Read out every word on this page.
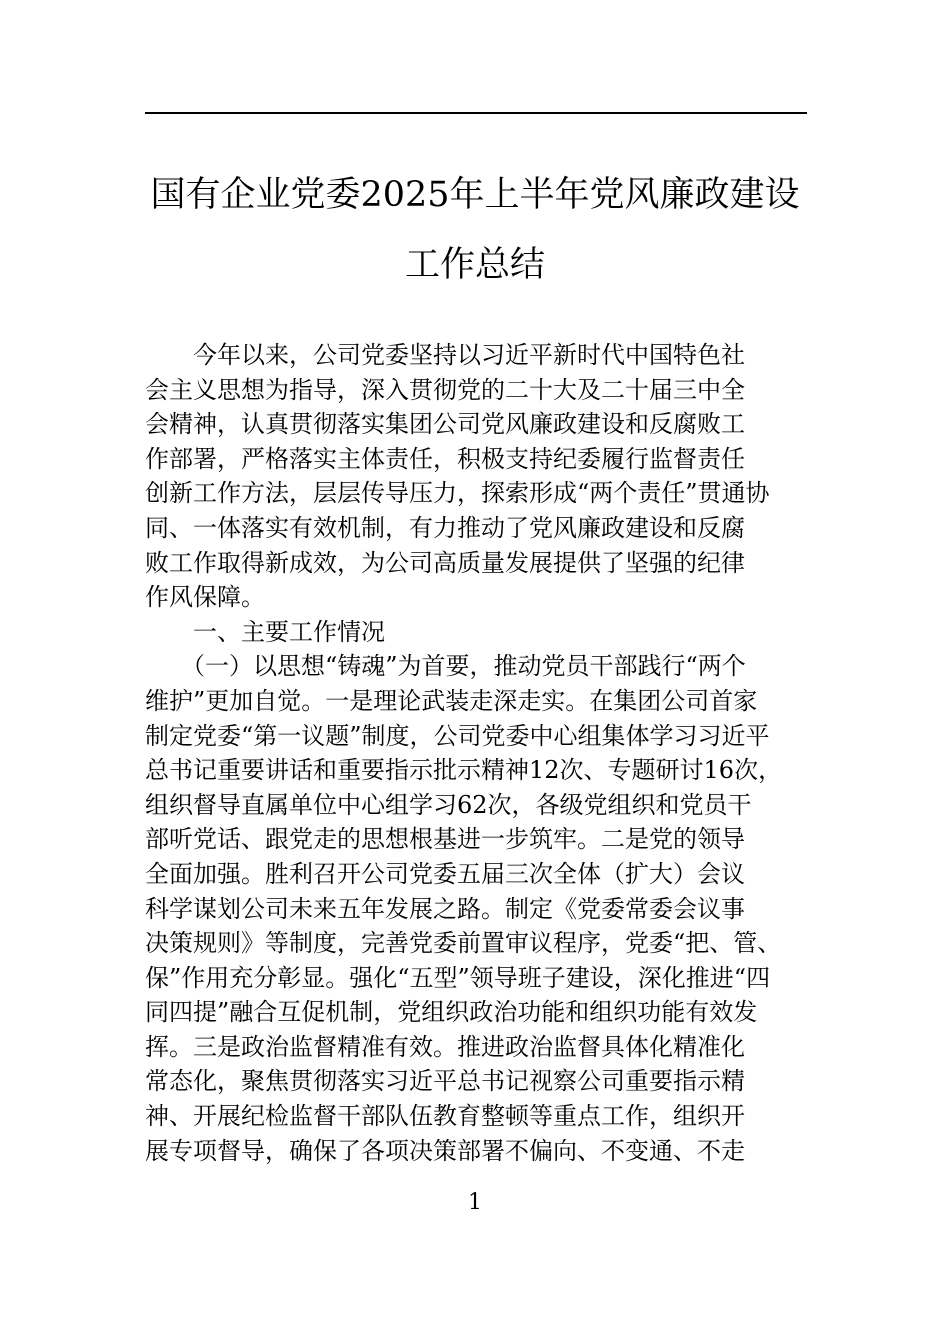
国有企业党委2025年上半年党风廉政建设
工作总结
　　今年以来，公司党委坚持以习近平新时代中国特色社
会主义思想为指导，深入贯彻党的二十大及二十届三中全
会精神，认真贯彻落实集团公司党风廉政建设和反腐败工
作部署，严格落实主体责任，积极支持纪委履行监督责任
创新工作方法，层层传导压力，探索形成“两个责任”贯通协
同、一体落实有效机制，有力推动了党风廉政建设和反腐
败工作取得新成效，为公司高质量发展提供了坚强的纪律
作风保障。
　　一、主要工作情况
　　（一）以思想“铸魂”为首要，推动党员干部践行“两个
维护”更加自觉。一是理论武装走深走实。在集团公司首家
制定党委“第一议题”制度，公司党委中心组集体学习习近平
总书记重要讲话和重要指示批示精神12次、专题研讨16次，
组织督导直属单位中心组学习62次，各级党组织和党员干
部听党话、跟党走的思想根基进一步筑牢。二是党的领导
全面加强。胜利召开公司党委五届三次全体（扩大）会议
科学谋划公司未来五年发展之路。制定《党委常委会议事
决策规则》等制度，完善党委前置审议程序，党委“把、管、
保”作用充分彰显。强化“五型”领导班子建设，深化推进“四
同四提”融合互促机制，党组织政治功能和组织功能有效发
挥。三是政治监督精准有效。推进政治监督具体化精准化
常态化，聚焦贯彻落实习近平总书记视察公司重要指示精
神、开展纪检监督干部队伍教育整顿等重点工作，组织开
展专项督导，确保了各项决策部署不偏向、不变通、不走
1
